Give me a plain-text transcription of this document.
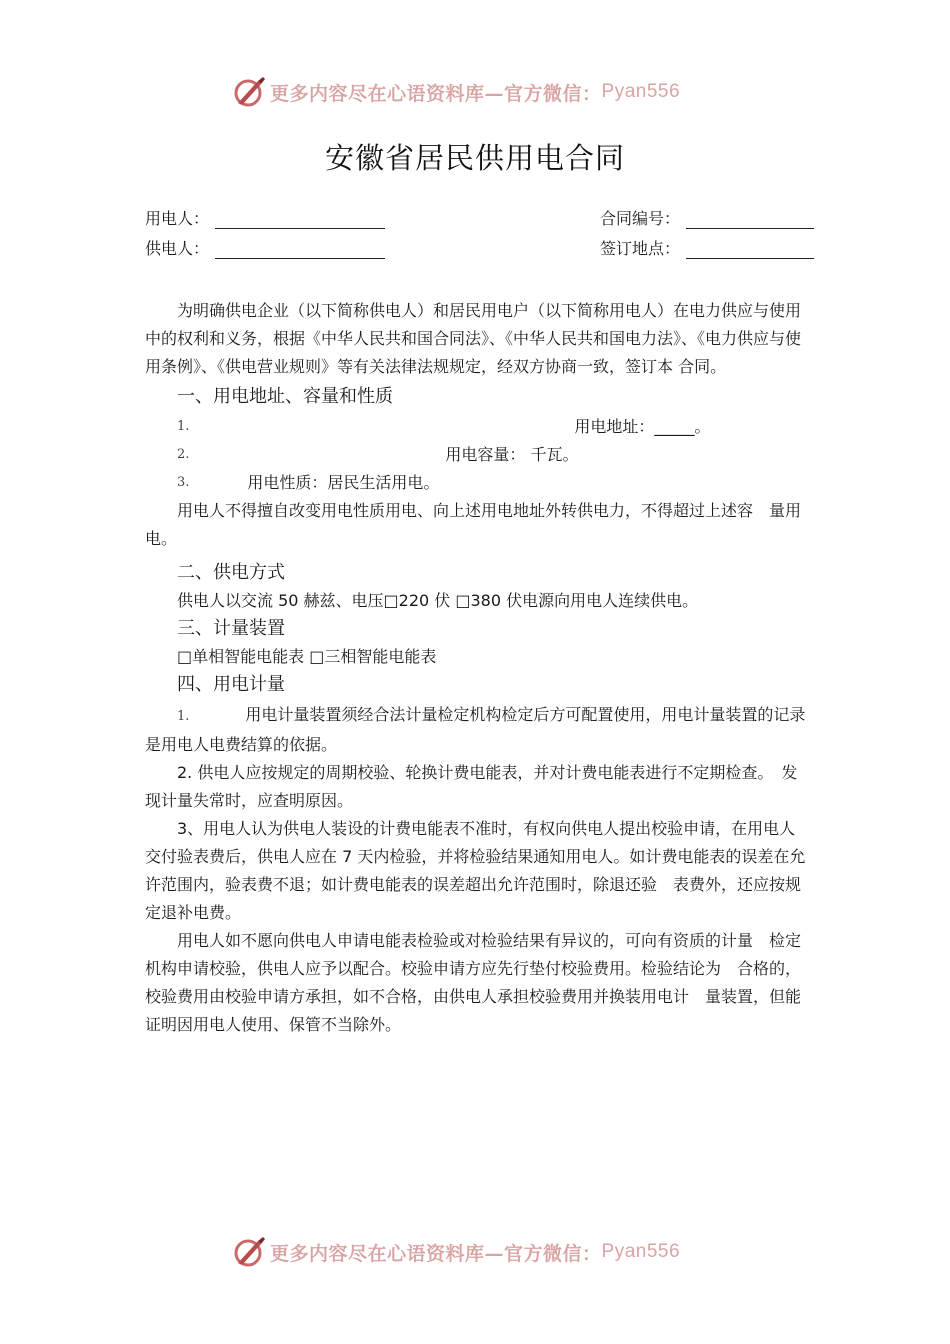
更多内容尽在心语资料库—官方微信： Pyan556
安徽省居民供用电合同
用电人：	合同编号：
供电人：	签订地点：

为明确供电企业（以下简称供电人）和居民用电户（以下简称用电人）在电力供应与使用中的权利和义务，根据《中华人民共和国合同法》、《中华人民共和国电力法》、《电力供应与使用条例》、《供电营业规则》等有关法律法规规定，经双方协商一致，签订本 合同。

一、用电地址、容量和性质

1.	用电地址：_____。
2.	用电容量： 千瓦。
3.	用电性质：居民生活用电。

用电人不得擅自改变用电性质用电、向上述用电地址外转供电力，不得超过上述容　量用电。

二、供电方式

供电人以交流 50 赫兹、电压□220 伏 □380 伏电源向用电人连续供电。

三、计量装置

□单相智能电能表 □三相智能电能表

四、用电计量

1.	用电计量装置须经合法计量检定机构检定后方可配置使用，用电计量装置的记录是用电人电费结算的依据。

2. 供电人应按规定的周期校验、轮换计费电能表，并对计费电能表进行不定期检查。　发现计量失常时，应查明原因。

3、用电人认为供电人装设的计费电能表不准时，有权向供电人提出校验申请，在用电人交付验表费后，供电人应在 7 天内检验，并将检验结果通知用电人。如计费电能表的误差在允许范围内，验表费不退；如计费电能表的误差超出允许范围时，除退还验　表费外，还应按规定退补电费。

用电人如不愿向供电人申请电能表检验或对检验结果有异议的，可向有资质的计量　检定机构申请校验，供电人应予以配合。校验申请方应先行垫付校验费用。检验结论为　合格的，校验费用由校验申请方承担，如不合格，由供电人承担校验费用并换装用电计　量装置，但能证明因用电人使用、保管不当除外。

更多内容尽在心语资料库—官方微信： Pyan556
